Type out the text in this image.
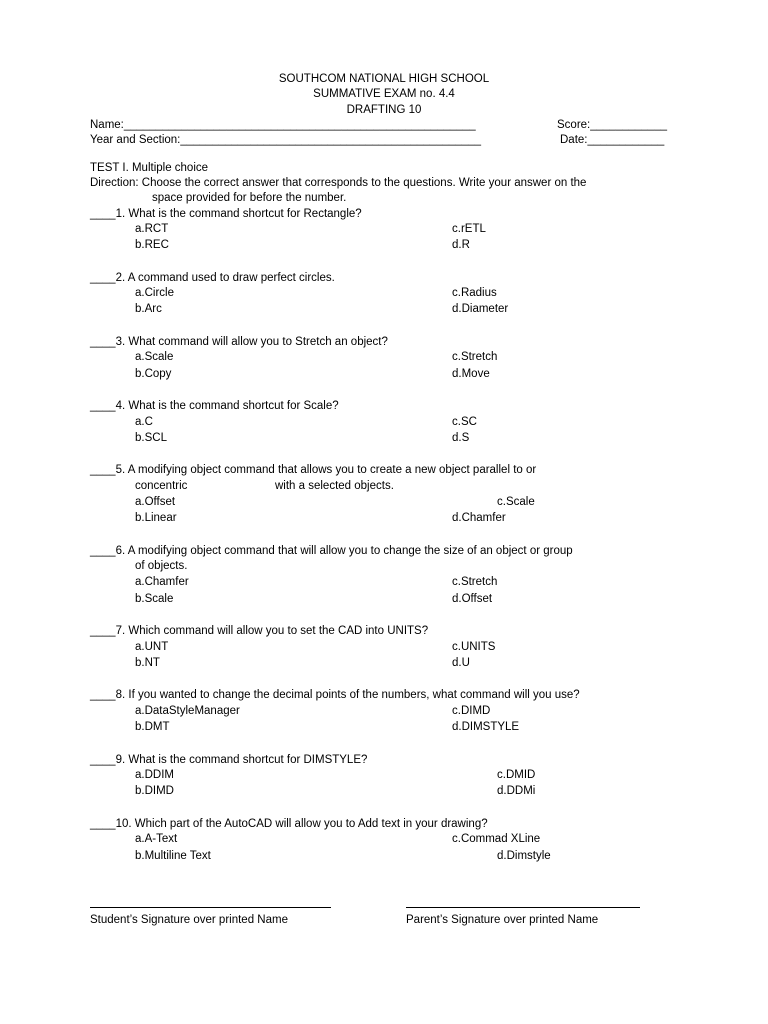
SOUTHCOM NATIONAL HIGH SCHOOL
SUMMATIVE EXAM no. 4.4
DRAFTING 10
Name:_______________________________________________________	Score:____________
Year and Section:_______________________________________________	Date:____________
TEST I. Multiple choice
Direction: Choose the correct answer that corresponds to the questions. Write your answer on the
space provided for before the number.
____1. What is the command shortcut for Rectangle?
a.RCT	c.rETL
b.REC	d.R
____2. A command used to draw perfect circles.
a.Circle	c.Radius
b.Arc	d.Diameter
____3. What command will allow you to Stretch an object?
a.Scale	c.Stretch
b.Copy	d.Move
____4. What is the command shortcut for Scale?
a.C	c.SC
b.SCL	d.S
____5. A modifying object command that allows you to create a new object parallel to or
concentric	with a selected objects.
a.Offset	c.Scale
b.Linear	d.Chamfer
____6. A modifying object command that will allow you to change the size of an object or group
of objects.
a.Chamfer	c.Stretch
b.Scale	d.Offset
____7. Which command will allow you to set the CAD into UNITS?
a.UNT	c.UNITS
b.NT	d.U
____8. If you wanted to change the decimal points of the numbers, what command will you use?
a.DataStyleManager	c.DIMD
b.DMT	d.DIMSTYLE
____9. What is the command shortcut for DIMSTYLE?
a.DDIM	c.DMID
b.DIMD	d.DDMi
____10. Which part of the AutoCAD will allow you to Add text in your drawing?
a.A-Text	c.Commad XLine
b.Multiline Text	d.Dimstyle
Student’s Signature over printed Name	Parent’s Signature over printed Name
